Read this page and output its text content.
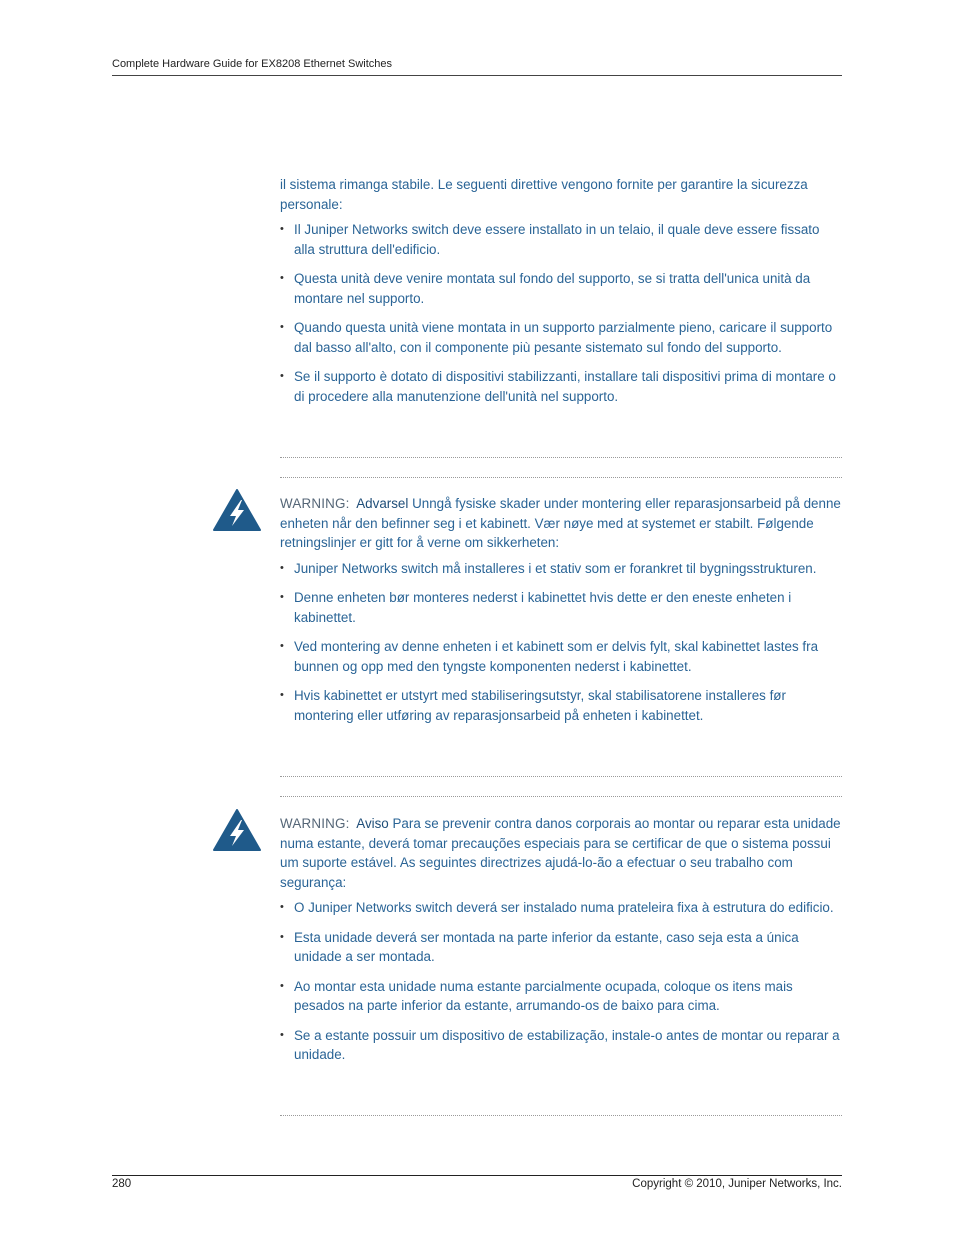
Complete Hardware Guide for EX8208 Ethernet Switches

il sistema rimanga stabile. Le seguenti direttive vengono fornite per garantire la sicurezza personale:

• Il Juniper Networks switch deve essere installato in un telaio, il quale deve essere fissato alla struttura dell'edificio.
• Questa unità deve venire montata sul fondo del supporto, se si tratta dell'unica unità da montare nel supporto.
• Quando questa unità viene montata in un supporto parzialmente pieno, caricare il supporto dal basso all'alto, con il componente più pesante sistemato sul fondo del supporto.
• Se il supporto è dotato di dispositivi stabilizzanti, installare tali dispositivi prima di montare o di procedere alla manutenzione dell'unità nel supporto.

WARNING: Advarsel Unngå fysiske skader under montering eller reparasjonsarbeid på denne enheten når den befinner seg i et kabinett. Vær nøye med at systemet er stabilt. Følgende retningslinjer er gitt for å verne om sikkerheten:

• Juniper Networks switch må installeres i et stativ som er forankret til bygningsstrukturen.
• Denne enheten bør monteres nederst i kabinettet hvis dette er den eneste enheten i kabinettet.
• Ved montering av denne enheten i et kabinett som er delvis fylt, skal kabinettet lastes fra bunnen og opp med den tyngste komponenten nederst i kabinettet.
• Hvis kabinettet er utstyrt med stabiliseringsutstyr, skal stabilisatorene installeres før montering eller utføring av reparasjonsarbeid på enheten i kabinettet.

WARNING: Aviso Para se prevenir contra danos corporais ao montar ou reparar esta unidade numa estante, deverá tomar precauções especiais para se certificar de que o sistema possui um suporte estável. As seguintes directrizes ajudá-lo-ão a efectuar o seu trabalho com segurança:

• O Juniper Networks switch deverá ser instalado numa prateleira fixa à estrutura do edificio.
• Esta unidade deverá ser montada na parte inferior da estante, caso seja esta a única unidade a ser montada.
• Ao montar esta unidade numa estante parcialmente ocupada, coloque os itens mais pesados na parte inferior da estante, arrumando-os de baixo para cima.
• Se a estante possuir um dispositivo de estabilização, instale-o antes de montar ou reparar a unidade.
280	Copyright © 2010, Juniper Networks, Inc.
